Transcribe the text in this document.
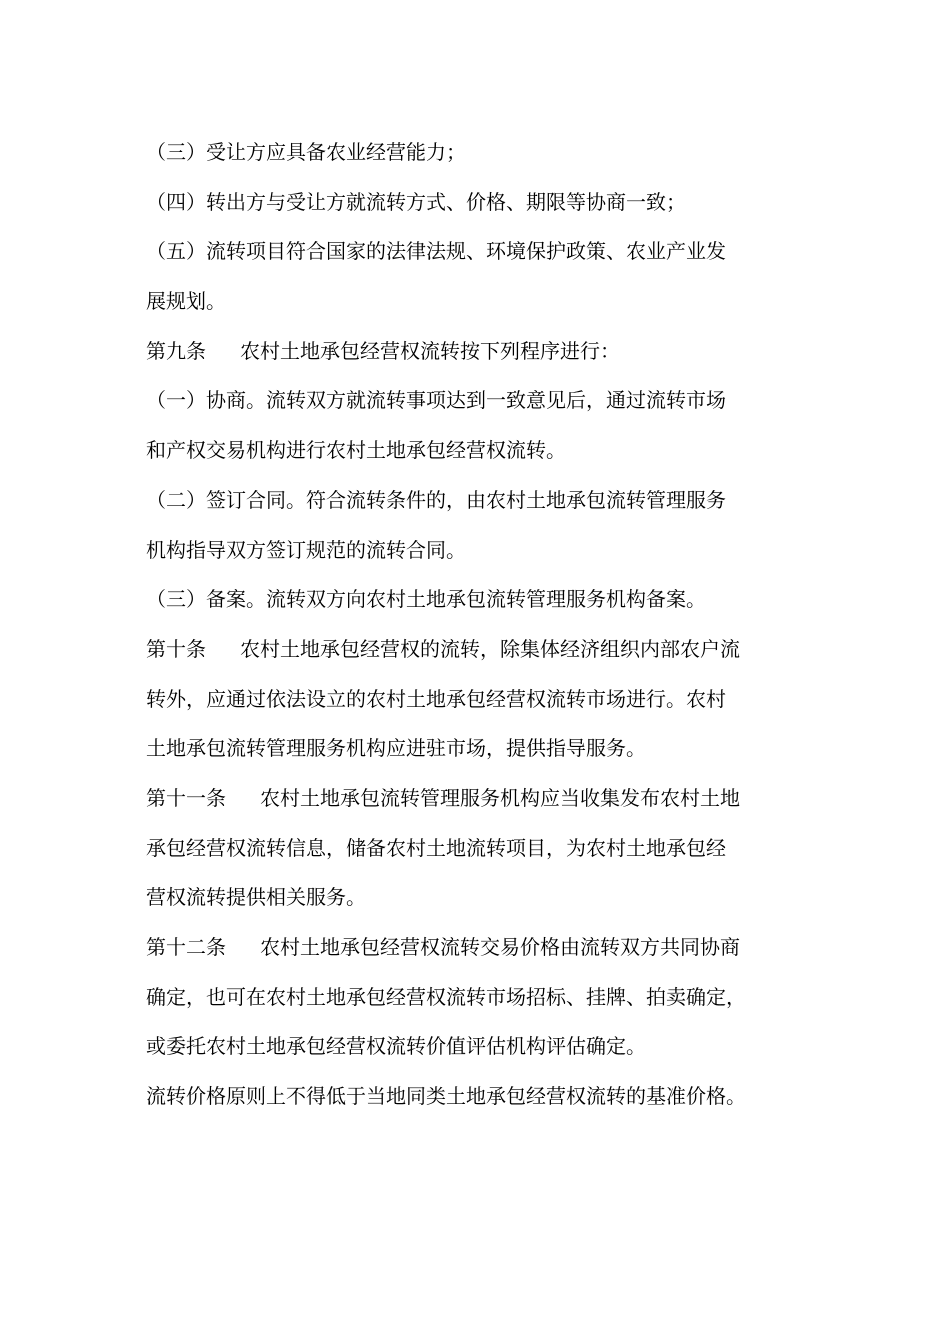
（三）受让方应具备农业经营能力；
（四）转出方与受让方就流转方式、价格、期限等协商一致；
（五）流转项目符合国家的法律法规、环境保护政策、农业产业发
展规划。
第九条 农村土地承包经营权流转按下列程序进行：
（一）协商。流转双方就流转事项达到一致意见后，通过流转市场
和产权交易机构进行农村土地承包经营权流转。
（二）签订合同。符合流转条件的，由农村土地承包流转管理服务
机构指导双方签订规范的流转合同。
（三）备案。流转双方向农村土地承包流转管理服务机构备案。
第十条 农村土地承包经营权的流转，除集体经济组织内部农户流
转外，应通过依法设立的农村土地承包经营权流转市场进行。农村
土地承包流转管理服务机构应进驻市场，提供指导服务。
第十一条 农村土地承包流转管理服务机构应当收集发布农村土地
承包经营权流转信息，储备农村土地流转项目，为农村土地承包经
营权流转提供相关服务。
第十二条 农村土地承包经营权流转交易价格由流转双方共同协商
确定，也可在农村土地承包经营权流转市场招标、挂牌、拍卖确定，
或委托农村土地承包经营权流转价值评估机构评估确定。
流转价格原则上不得低于当地同类土地承包经营权流转的基准价格。
